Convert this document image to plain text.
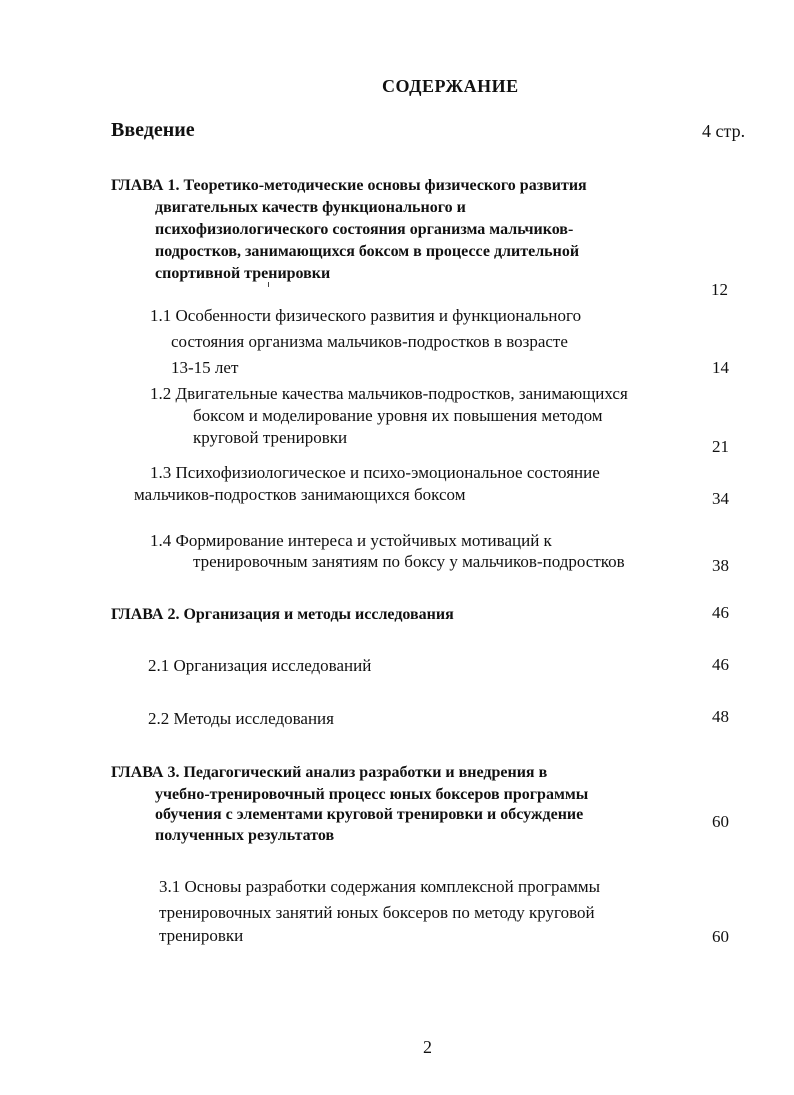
СОДЕРЖАНИЕ
Введение	4 стр.
ГЛАВА 1. Теоретико-методические основы физического развития
двигательных качеств функционального и
психофизиологического состояния организма мальчиков-
подростков, занимающихся боксом в процессе длительной
спортивной тренировки
12
1.1 Особенности физического развития и функционального
состояния организма мальчиков-подростков в возрасте
13-15 лет	14
1.2 Двигательные качества мальчиков-подростков, занимающихся
боксом и моделирование уровня их повышения методом
круговой тренировки	21
1.3 Психофизиологическое и психо-эмоциональное состояние
мальчиков-подростков занимающихся боксом	34
1.4 Формирование интереса и устойчивых мотиваций к
тренировочным занятиям по боксу у мальчиков-подростков	38
ГЛАВА 2. Организация и методы исследования	46
2.1 Организация исследований	46
2.2 Методы исследования	48
ГЛАВА 3. Педагогический анализ разработки и внедрения в
учебно-тренировочный процесс юных боксеров программы
обучения с элементами круговой тренировки и обсуждение
полученных результатов
60
3.1 Основы разработки содержания комплексной программы
тренировочных занятий юных боксеров по методу круговой
тренировки	60
2
